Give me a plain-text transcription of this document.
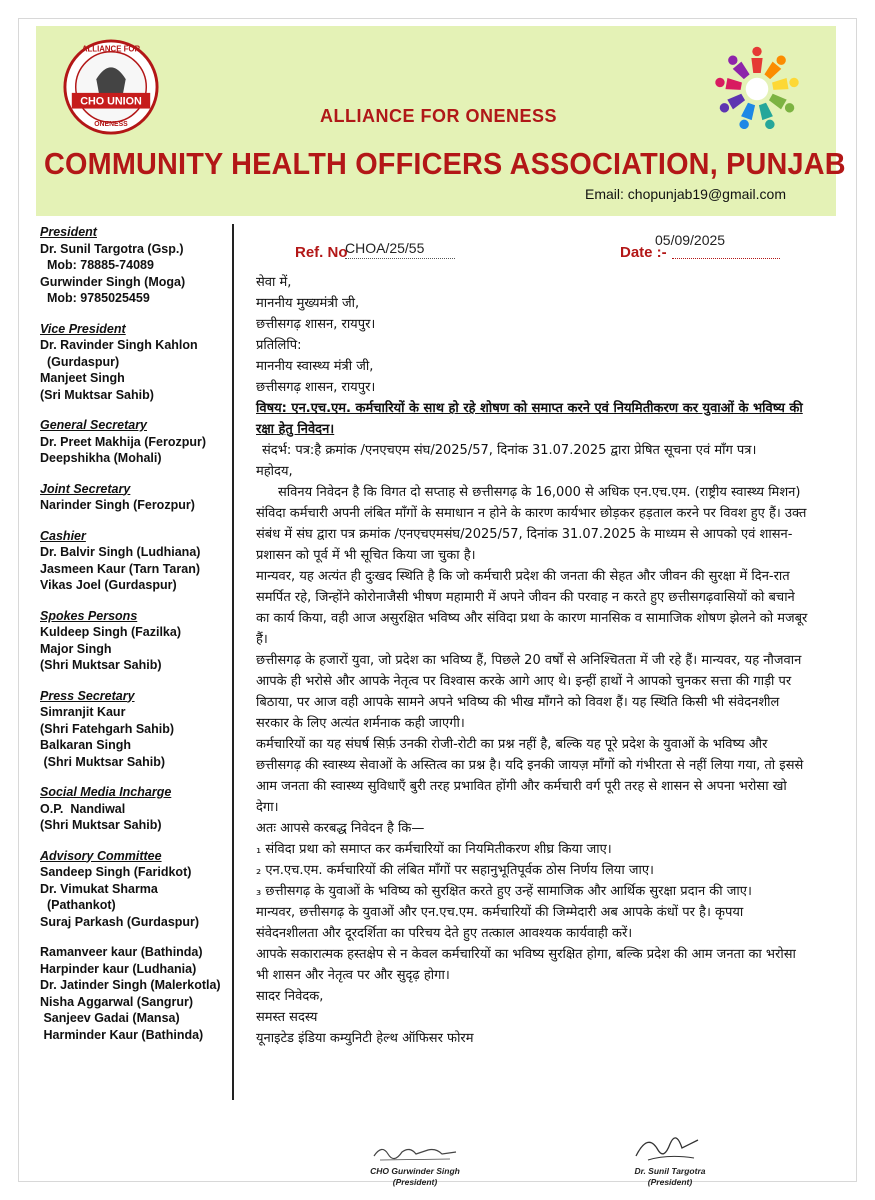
ALLIANCE FOR
CHO UNION
ONENESS	ALLIANCE FOR ONENESS
COMMUNITY HEALTH OFFICERS ASSOCIATION, PUNJAB
Email: chopunjab19@gmail.com
President
Dr. Sunil Targotra (Gsp.)
Mob: 78885-74089
Gurwinder Singh (Moga)
Mob: 9785025459
Vice President
Dr. Ravinder Singh Kahlon
(Gurdaspur)
Manjeet Singh
(Sri Muktsar Sahib)
General Secretary
Dr. Preet Makhija (Ferozpur)
Deepshikha (Mohali)
Joint Secretary
Narinder Singh (Ferozpur)
Cashier
Dr. Balvir Singh (Ludhiana)
Jasmeen Kaur (Tarn Taran)
Vikas Joel (Gurdaspur)
Spokes Persons
Kuldeep Singh (Fazilka)
Major Singh
(Shri Muktsar Sahib)
Press Secretary
Simranjit Kaur
(Shri Fatehgarh Sahib)
Balkaran Singh
(Shri Muktsar Sahib)
Social Media Incharge
O.P.  Nandiwal
(Shri Muktsar Sahib)
Advisory Committee
Sandeep Singh (Faridkot)
Dr. Vimukat Sharma
(Pathankot)
Suraj Parkash (Gurdaspur)
Ramanveer kaur (Bathinda)
Harpinder kaur (Ludhania)
Dr. Jatinder Singh (Malerkotla)
Nisha Aggarwal (Sangrur)
Sanjeev Gadai (Mansa)
Harminder Kaur (Bathinda)
Ref. No
CHOA/25/55	Date :-
05/09/2025

सेवा में,

माननीय मुख्यमंत्री जी,

छत्तीसगढ़ शासन, रायपुर।

प्रतिलिपि:

माननीय स्वास्थ्य मंत्री जी,

छत्तीसगढ़ शासन, रायपुर।

विषय: एन.एच.एम. कर्मचारियों के साथ हो रहे शोषण को समाप्त करने एवं नियमितीकरण कर युवाओं के भविष्य की रक्षा हेतु निवेदन।

संदर्भ: पत्र:है क्रमांक /एनएचएम संघ/2025/57, दिनांक 31.07.2025 द्वारा प्रेषित सूचना एवं माँग पत्र।

महोदय,

सविनय निवेदन है कि विगत दो सप्ताह से छत्तीसगढ़ के 16,000 से अधिक एन.एच.एम. (राष्ट्रीय स्वास्थ्य मिशन) संविदा कर्मचारी अपनी लंबित माँगों के समाधान न होने के कारण कार्यभार छोड़कर हड़ताल करने पर विवश हुए हैं। उक्त संबंध में संघ द्वारा पत्र क्रमांक /एनएचएमसंघ/2025/57, दिनांक 31.07.2025 के माध्यम से आपको एवं शासन-प्रशासन को पूर्व में भी सूचित किया जा चुका है।

मान्यवर, यह अत्यंत ही दुःखद स्थिति है कि जो कर्मचारी प्रदेश की जनता की सेहत और जीवन की सुरक्षा में दिन-रात समर्पित रहे, जिन्होंने कोरोनाजैसी भीषण महामारी में अपने जीवन की परवाह न करते हुए छत्तीसगढ़वासियों को बचाने का कार्य किया, वही आज असुरक्षित भविष्य और संविदा प्रथा के कारण मानसिक व सामाजिक शोषण झेलने को मजबूर हैं।

छत्तीसगढ़ के हजारों युवा, जो प्रदेश का भविष्य हैं, पिछले 20 वर्षों से अनिश्चितता में जी रहे हैं। मान्यवर, यह नौजवान आपके ही भरोसे और आपके नेतृत्व पर विश्वास करके आगे आए थे। इन्हीं हाथों ने आपको चुनकर सत्ता की गाड़ी पर बिठाया, पर आज वही आपके सामने अपने भविष्य की भीख माँगने को विवश हैं। यह स्थिति किसी भी संवेदनशील सरकार के लिए अत्यंत शर्मनाक कही जाएगी।

कर्मचारियों का यह संघर्ष सिर्फ़ उनकी रोजी-रोटी का प्रश्न नहीं है, बल्कि यह पूरे प्रदेश के युवाओं के भविष्य और छत्तीसगढ़ की स्वास्थ्य सेवाओं के अस्तित्व का प्रश्न है। यदि इनकी जायज़ माँगों को गंभीरता से नहीं लिया गया, तो इससे आम जनता की स्वास्थ्य सुविधाएँ बुरी तरह प्रभावित होंगी और कर्मचारी वर्ग पूरी तरह से शासन से अपना भरोसा खो देगा।

अतः आपसे करबद्ध निवेदन है कि—

₁ संविदा प्रथा को समाप्त कर कर्मचारियों का नियमितीकरण शीघ्र किया जाए।

₂ एन.एच.एम. कर्मचारियों की लंबित माँगों पर सहानुभूतिपूर्वक ठोस निर्णय लिया जाए।

₃ छत्तीसगढ़ के युवाओं के भविष्य को सुरक्षित करते हुए उन्हें सामाजिक और आर्थिक सुरक्षा प्रदान की जाए।

मान्यवर, छत्तीसगढ़ के युवाओं और एन.एच.एम. कर्मचारियों की जिम्मेदारी अब आपके कंधों पर है। कृपया संवेदनशीलता और दूरदर्शिता का परिचय देते हुए तत्काल आवश्यक कार्यवाही करें।

आपके सकारात्मक हस्तक्षेप से न केवल कर्मचारियों का भविष्य सुरक्षित होगा, बल्कि प्रदेश की आम जनता का भरोसा भी शासन और नेतृत्व पर और सुदृढ़ होगा।

सादर निवेदक,

समस्त सदस्य

यूनाइटेड इंडिया कम्युनिटी हेल्थ ऑफिसर फोरम

CHO Gurwinder Singh
(President)
Dr. Sunil Targotra
(President)
